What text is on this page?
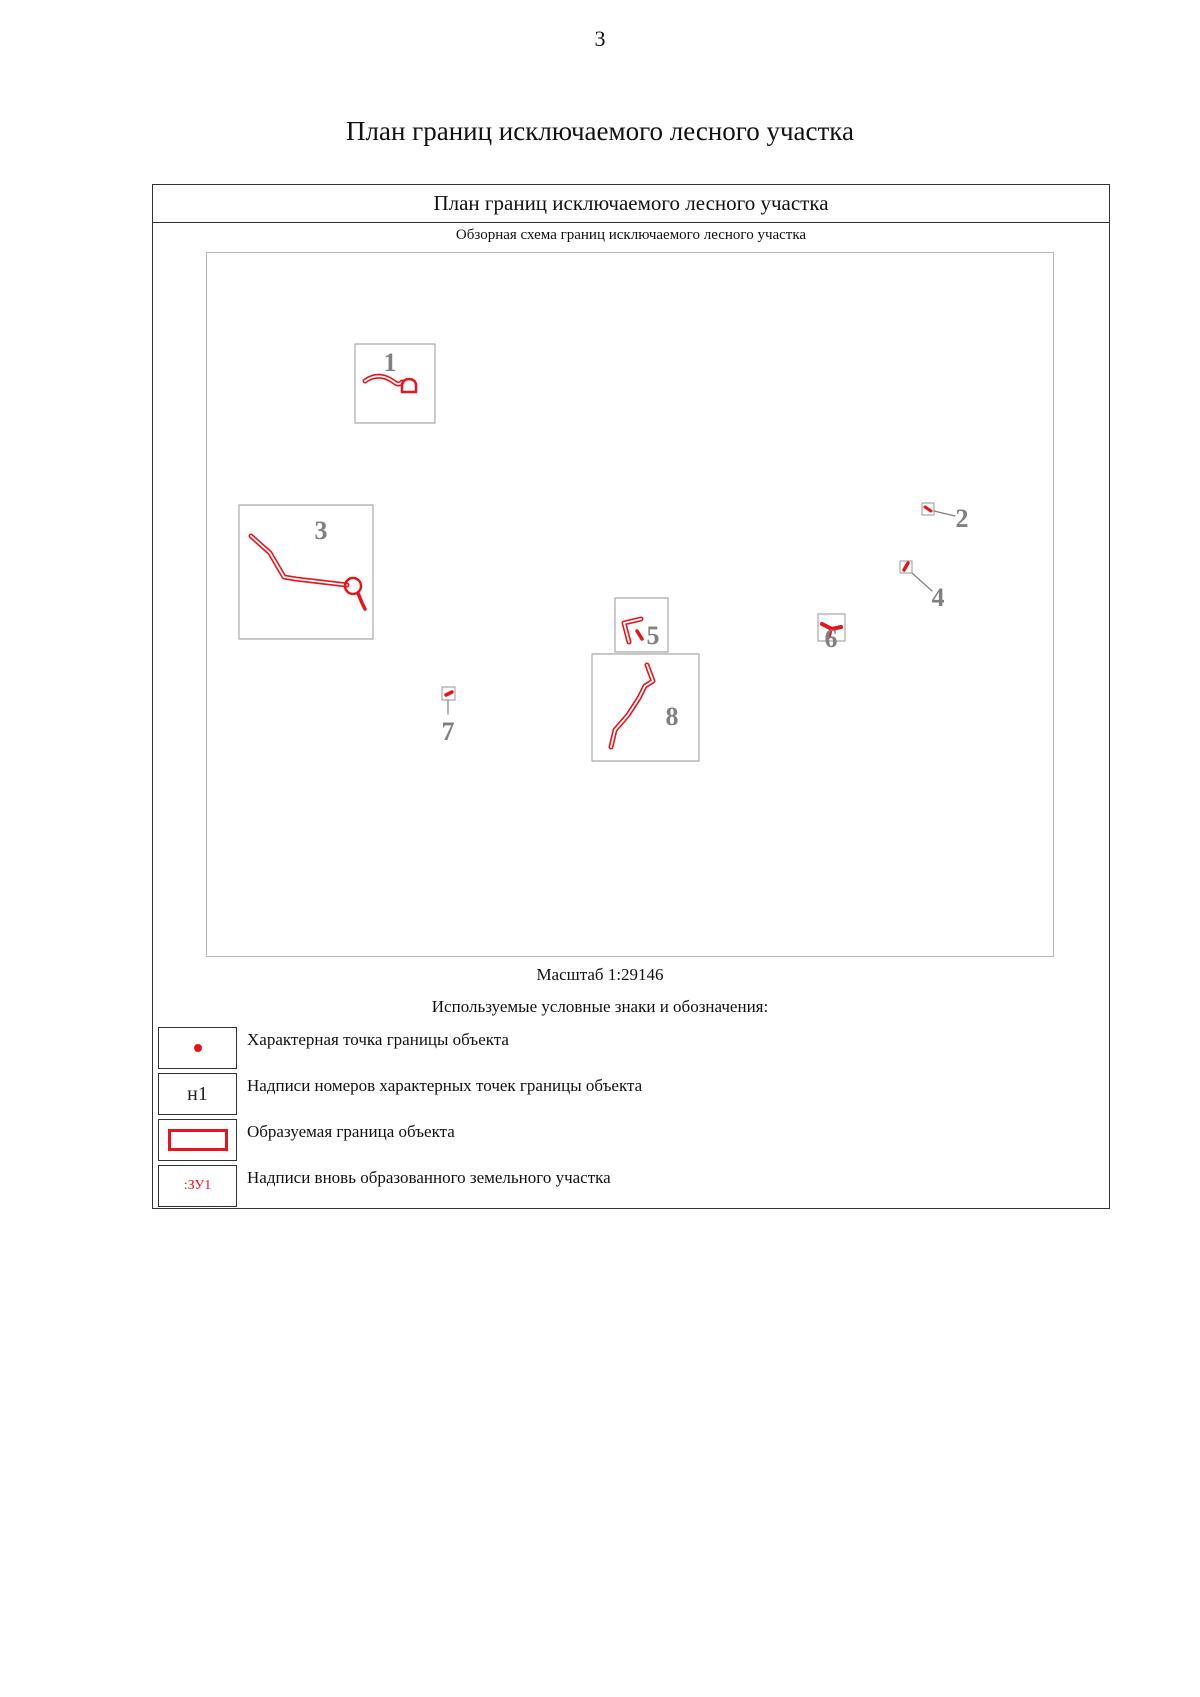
3
План границ исключаемого лесного участка
План границ исключаемого лесного участка
Обзорная схема границ исключаемого лесного участка
1
2
3
4
5	6
7
8
Масштаб 1:29146
Используемые условные знаки и обозначения:
Характерная точка границы объекта
н1 Надписи номеров характерных точек границы объекта
Образуемая граница объекта
:ЗУ1 Надписи вновь образованного земельного участка
